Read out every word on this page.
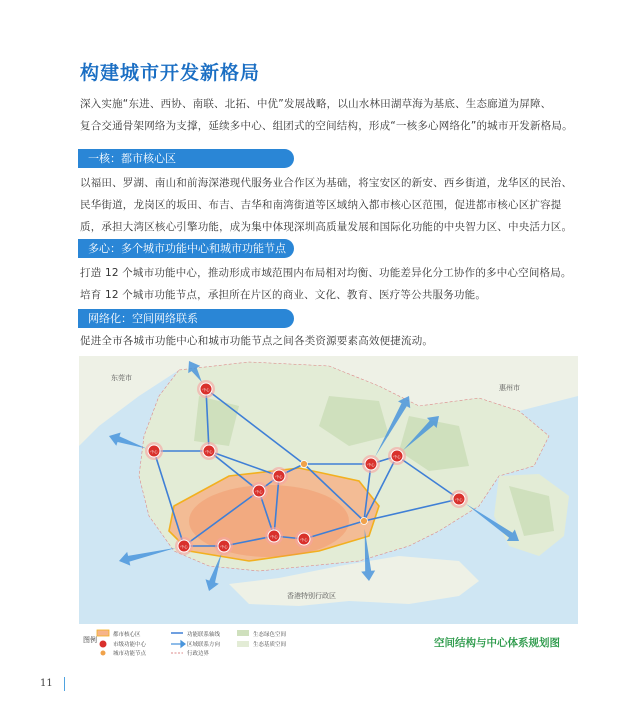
构建城市开发新格局
深入实施“东进、西协、南联、北拓、中优”发展战略，以山水林田湖草海为基底、生态廊道为屏障、
复合交通骨架网络为支撑，延续多中心、组团式的空间结构，形成“一核多心网络化”的城市开发新格局。
一核：都市核心区
以福田、罗湖、南山和前海深港现代服务业合作区为基础，将宝安区的新安、西乡街道，龙华区的民治、
民华街道，龙岗区的坂田、布吉、吉华和南湾街道等区域纳入都市核心区范围，促进都市核心区扩容提
质，承担大湾区核心引擎功能，成为集中体现深圳高质量发展和国际化功能的中央智力区、中央活力区。
多心：多个城市功能中心和城市功能节点
打造 12 个城市功能中心，推动形成市域范围内布局相对均衡、功能差异化分工协作的多中心空间格局。
培育 12 个城市功能节点，承担所在片区的商业、文化、教育、医疗等公共服务功能。
网络化：空间网络联系
促进全市各城市功能中心和城市功能节点之间各类资源要素高效便捷流动。
中心
中心	中心
中心
中心
中心
中心
中心	中心
中心
中心
中心
东莞市
惠州市
香港特别行政区
图例
都市核心区	功能联系轴线	生态绿色空间
市级功能中心	区域联系方向	生态基质空间
城市功能节点	行政边界
空间结构与中心体系规划图
11
